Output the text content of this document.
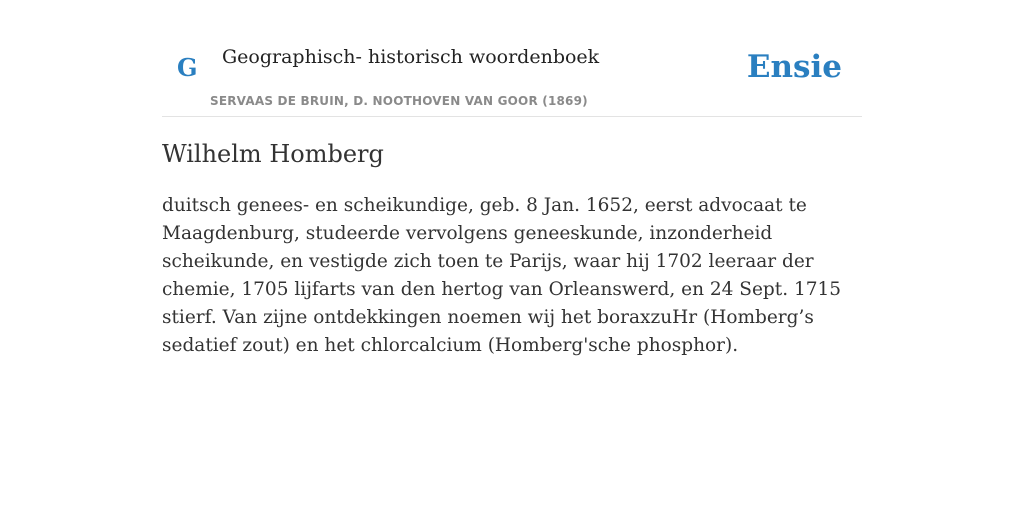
G Geographisch- historisch woordenboek
SERVAAS DE BRUIN, D. NOOTHOVEN VAN GOOR (1869)
Ensie
Wilhelm Homberg

duitsch genees- en scheikundige, geb. 8 Jan. 1652, eerst advocaat te Maagdenburg, studeerde vervolgens geneeskunde, inzonderheid scheikunde, en vestigde zich toen te Parijs, waar hij 1702 leeraar der chemie, 1705 lijfarts van den hertog van Orleanswerd, en 24 Sept. 1715 stierf. Van zijne ontdekkingen noemen wij het boraxzuHr (Homberg’s sedatief zout) en het chlorcalcium (Homberg'sche phosphor).
